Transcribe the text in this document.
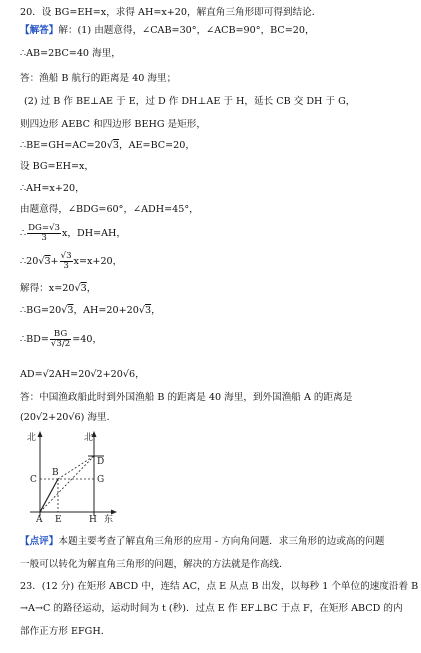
20．设 BG=EH=x，求得 AH=x+20，解直角三角形即可得到结论．
【解答】解：(1) 由题意得，∠CAB=30°，∠ACB=90°，BC=20，
∴AB=2BC=40 海里，
答：渔船 B 航行的距离是 40 海里；
(2) 过 B 作 BE⊥AE 于 E，过 D 作 DH⊥AE 于 H，延长 CB 交 DH 于 G，
则四边形 AEBC 和四边形 BEHG 是矩形，
∴BE=GH=AC=20√3，AE=BC=20，
设 BG=EH=x，
∴AH=x+20，
由题意得，∠BDG=60°，∠ADH=45°，
∴ $\frac{DG=√3}{3}$ x，DH=AH，
∴20√3+ $\frac{√3}{3} x=x+20$，
解得：x=20√3，
∴BG=20√3，AH=20+20√3，
∴BD= $\frac{BG}{√3/2} =40$，
AD=√2AH=20√2+20√6，
答：中国渔政船此时到外国渔船 B 的距离是 40 海里，到外国渔船 A 的距离是
(20√2+20√6) 海里．
北	北
东
A
B
C
D
E
G
H
【点评】本题主要考查了解直角三角形的应用 - 方向角问题．求三角形的边或高的问题
一般可以转化为解直角三角形的问题，解决的方法就是作高线．
23．(12 分) 在矩形 ABCD 中，连结 AC，点 E 从点 B 出发，以每秒 1 个单位的速度沿着 B
→A→C 的路径运动，运动时间为 t (秒)．过点 E 作 EF⊥BC 于点 F，在矩形 ABCD 的内
部作正方形 EFGH．
